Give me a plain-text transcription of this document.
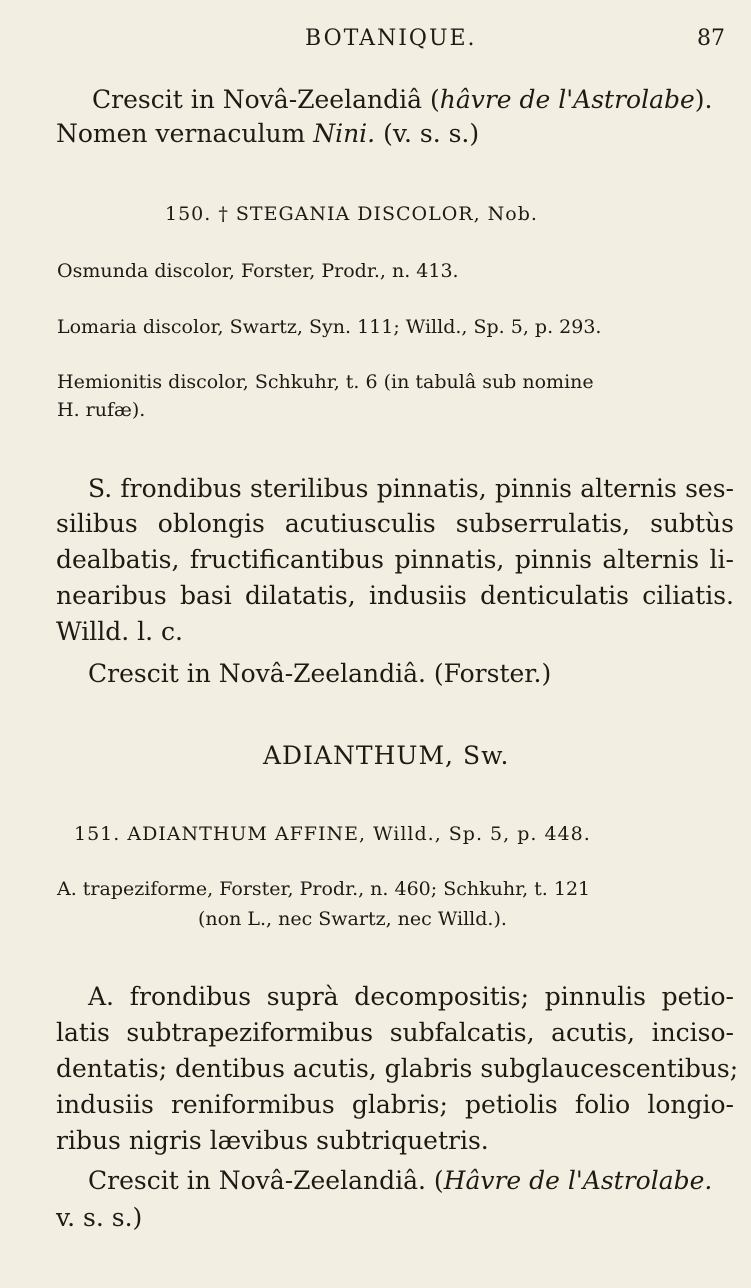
BOTANIQUE.	87
Crescit in Novâ-Zeelandiâ (hâvre de l'Astrolabe).
Nomen vernaculum Nini. (v. s. s.)
150. † STEGANIA DISCOLOR, Nob.
Osmunda discolor, Forster, Prodr., n. 413.
Lomaria discolor, Swartz, Syn. 111; Willd., Sp. 5, p. 293.
Hemionitis discolor, Schkuhr, t. 6 (in tabulâ sub nomine
H. rufæ).
S. frondibus sterilibus pinnatis, pinnis alternis ses-
silibus oblongis acutiusculis subserrulatis, subtùs
dealbatis, fructificantibus pinnatis, pinnis alternis li-
nearibus basi dilatatis, indusiis denticulatis ciliatis.
Willd. l. c.
Crescit in Novâ-Zeelandiâ. (Forster.)
ADIANTHUM, Sw.
151. ADIANTHUM AFFINE, Willd., Sp. 5, p. 448.
A. trapeziforme, Forster, Prodr., n. 460; Schkuhr, t. 121
(non L., nec Swartz, nec Willd.).
A. frondibus suprà decompositis; pinnulis petio-
latis subtrapeziformibus subfalcatis, acutis, inciso-
dentatis; dentibus acutis, glabris subglaucescentibus;
indusiis reniformibus glabris; petiolis folio longio-
ribus nigris lævibus subtriquetris.
Crescit in Novâ-Zeelandiâ. (Hâvre de l'Astrolabe.
v. s. s.)
